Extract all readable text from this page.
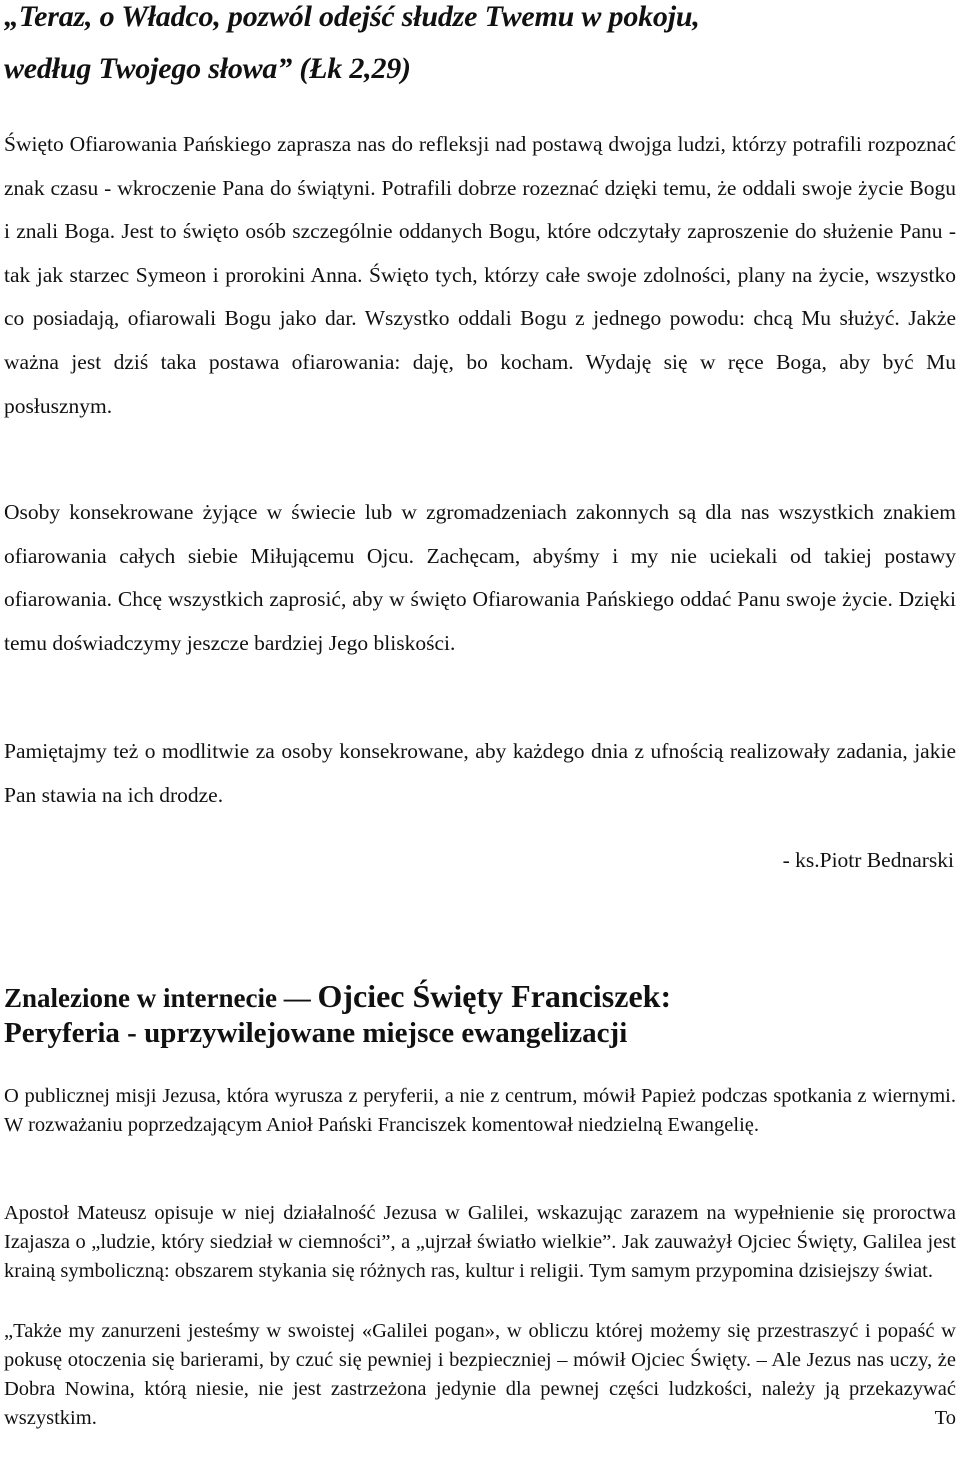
„Teraz, o Władco, pozwól odejść słudze Twemu w pokoju,
według Twojego słowa” (Łk 2,29)

Święto Ofiarowania Pańskiego zaprasza nas do refleksji nad postawą dwojga ludzi, którzy potrafili rozpoznać znak czasu - wkroczenie Pana do świątyni. Potrafili dobrze rozeznać dzięki temu, że oddali swoje życie Bogu i znali Boga. Jest to święto osób szczególnie oddanych Bogu, które odczytały zaproszenie do służenie Panu - tak jak starzec Symeon i prorokini Anna. Święto tych, którzy całe swoje zdolności, plany na życie, wszystko co posiadają, ofiarowali Bogu jako dar. Wszystko oddali Bogu z jednego powodu: chcą Mu służyć. Jakże ważna jest dziś taka postawa ofiarowania: daję, bo kocham. Wydaję się w ręce Boga, aby być Mu posłusznym.

Osoby konsekrowane żyjące w świecie lub w zgromadzeniach zakonnych są dla nas wszystkich znakiem ofiarowania całych siebie Miłującemu Ojcu. Zachęcam, abyśmy i my nie uciekali od takiej postawy ofiarowania. Chcę wszystkich zaprosić, aby w święto Ofiarowania Pańskiego oddać Panu swoje życie. Dzięki temu doświadczymy jeszcze bardziej Jego bliskości.

Pamiętajmy też o modlitwie za osoby konsekrowane, aby każdego dnia z ufnością realizowały zadania, jakie Pan stawia na ich drodze.

- ks.Piotr Bednarski
Znalezione w internecie — Ojciec Święty Franciszek:
Peryferia - uprzywilejowane miejsce ewangelizacji

O publicznej misji Jezusa, która wyrusza z peryferii, a nie z centrum, mówił Papież podczas spotkania z wiernymi. W rozważaniu poprzedzającym Anioł Pański Franciszek komentował niedzielną Ewangelię.

Apostoł Mateusz opisuje w niej działalność Jezusa w Galilei, wskazując zarazem na wypełnienie się proroctwa Izajasza o „ludzie, który siedział w ciemności”, a „ujrzał światło wielkie”. Jak zauważył Ojciec Święty, Galilea jest krainą symboliczną: obszarem stykania się różnych ras, kultur i religii. Tym samym przypomina dzisiejszy świat.

„Także my zanurzeni jesteśmy w swoistej «Galilei pogan», w obliczu której możemy się przestraszyć i popaść w pokusę otoczenia się barierami, by czuć się pewniej i bezpieczniej – mówił Ojciec Święty. – Ale Jezus nas uczy, że Dobra Nowina, którą niesie, nie jest zastrzeżona jedynie dla pewnej części ludzkości, należy ją przekazywać wszystkim. To
